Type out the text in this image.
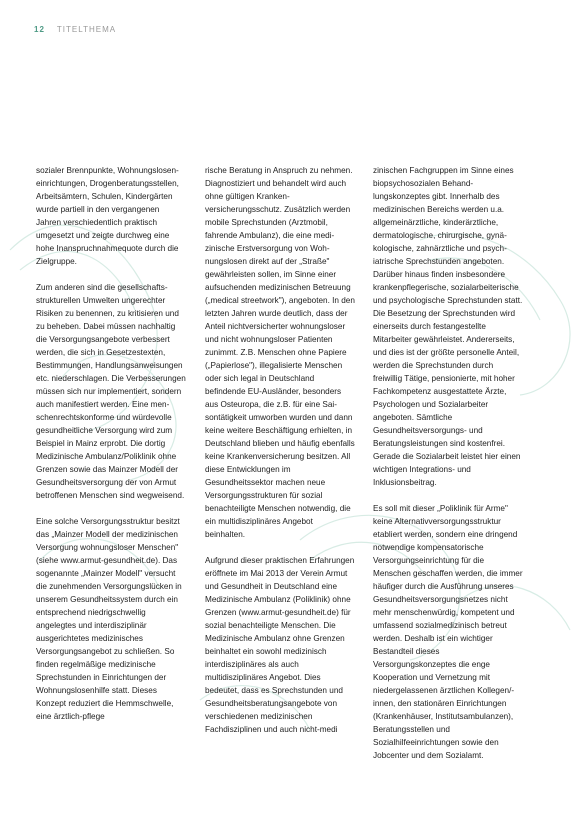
12 TITELTHEMA

sozialer Brennpunkte, Wohnungsloseneinrichtungen, Drogenberatungsstellen, Arbeitsämtern, Schulen, Kindergärten wurde partiell in den vergangenen Jahren verschiedentlich praktisch umgesetzt und zeigte durchweg eine hohe Inanspruchnahmequote durch die Zielgruppe.

Zum anderen sind die gesellschaftsstrukturellen Umwelten ungerechter Risiken zu benennen, zu kritisieren und zu beheben. Dabei müssen nachhaltig die Versorgungsangebote verbessert werden, die sich in Gesetzestexten, Bestimmungen, Handlungsanweisungen etc. niederschlagen. Die Verbesserungen müssen sich nur implementiert, sondern auch manifestiert werden. Eine menschenrechtskonforme und würdevolle gesundheitliche Versorgung wird zum Beispiel in Mainz erprobt. Die dortig Medizinische Ambulanz/Poliklinik ohne Grenzen sowie das Mainzer Modell der Gesundheitsversorgung der von Armut betroffenen Menschen sind wegweisend.

Eine solche Versorgungsstruktur besitzt das „Mainzer Modell der medizinischen Versorgung wohnungsloser Menschen" (siehe www.armut-gesundheit.de). Das sogenannte „Mainzer Modell" versucht die zunehmenden Versorgungslücken in unserem Gesundheitssystem durch ein entsprechend niedrigschwellig angelegtes und interdisziplinär ausgerichtetes medizinisches Versorgungsangebot zu schließen. So finden regelmäßige medizinische Sprechstunden in Einrichtungen der Wohnungslosenhilfe statt. Dieses Konzept reduziert die Hemmschwelle, eine ärztlich-pflege

rische Beratung in Anspruch zu nehmen. Diagnostiziert und behandelt wird auch ohne gültigen Krankenversicherungsschutz. Zusätzlich werden mobile Sprechstunden (Arztmobil, fahrende Ambulanz), die eine medizinische Erstversorgung von Wohnungslosen direkt auf der „Straße" gewährleisten sollen, im Sinne einer aufsuchenden medizinischen Betreuung („medical streetwork"), angeboten. In den letzten Jahren wurde deutlich, dass der Anteil nichtversicherter wohnungsloser und nicht wohnungsloser Patienten zunimmt. Z.B. Menschen ohne Papiere („Papierlose"), illegalisierte Menschen oder sich legal in Deutschland befindende EU-Ausländer, besonders aus Osteuropa, die z.B. für eine Saisontätigkeit umworben wurden und dann keine weitere Beschäftigung erhielten, in Deutschland blieben und häufig ebenfalls keine Krankenversicherung besitzen. All diese Entwicklungen im Gesundheitssektor machen neue Versorgungsstrukturen für sozial benachteiligte Menschen notwendig, die ein multidisziplinäres Angebot beinhalten.

Aufgrund dieser praktischen Erfahrungen eröffnete im Mai 2013 der Verein Armut und Gesundheit in Deutschland eine Medizinische Ambulanz (Poliklinik) ohne Grenzen (www.armut-gesundheit.de) für sozial benachteiligte Menschen. Die Medizinische Ambulanz ohne Grenzen beinhaltet ein sowohl medizinisch interdisziplinäres als auch multidisziplinäres Angebot. Dies bedeutet, dass es Sprechstunden und Gesundheitsberatungsangebote von verschiedenen medizinischen Fachdisziplinen und auch nicht-medi

zinischen Fachgruppen im Sinne eines biopsychosozialen Behandlungskonzeptes gibt. Innerhalb des medizinischen Bereichs werden u.a. allgemeinärztliche, kinderärztliche, dermatologische, chirurgische, gynäkologische, zahnärztliche und psychiatrische Sprechstunden angeboten. Darüber hinaus finden insbesondere krankenpflegerische, sozialarbeiterische und psychologische Sprechstunden statt. Die Besetzung der Sprechstunden wird einerseits durch festangestellte Mitarbeiter gewährleistet. Andererseits, und dies ist der größte personelle Anteil, werden die Sprechstunden durch freiwillig Tätige, pensionierte, mit hoher Fachkompetenz ausgestattete Ärzte, Psychologen und Sozialarbeiter angeboten. Sämtliche Gesundheitsversorgungs- und Beratungsleistungen sind kostenfrei. Gerade die Sozialarbeit leistet hier einen wichtigen Integrations- und Inklusionsbeitrag.

Es soll mit dieser „Poliklinik für Arme" keine Alternativversorgungsstruktur etabliert werden, sondern eine dringend notwendige kompensatorische Versorgungseinrichtung für die Menschen geschaffen werden, die immer häufiger durch die Ausführung unseres Gesundheitsversorgungsnetzes nicht mehr menschenwürdig, kompetent und umfassend sozialmedizinisch betreut werden. Deshalb ist ein wichtiger Bestandteil dieses Versorgungskonzeptes die enge Kooperation und Vernetzung mit niedergelassenen ärztlichen Kollegen/-innen, den stationären Einrichtungen (Krankenhäuser, Institutsambulanzen), Beratungsstellen und Sozialhilfeeinrichtungen sowie den Jobcenter und dem Sozialamt.
